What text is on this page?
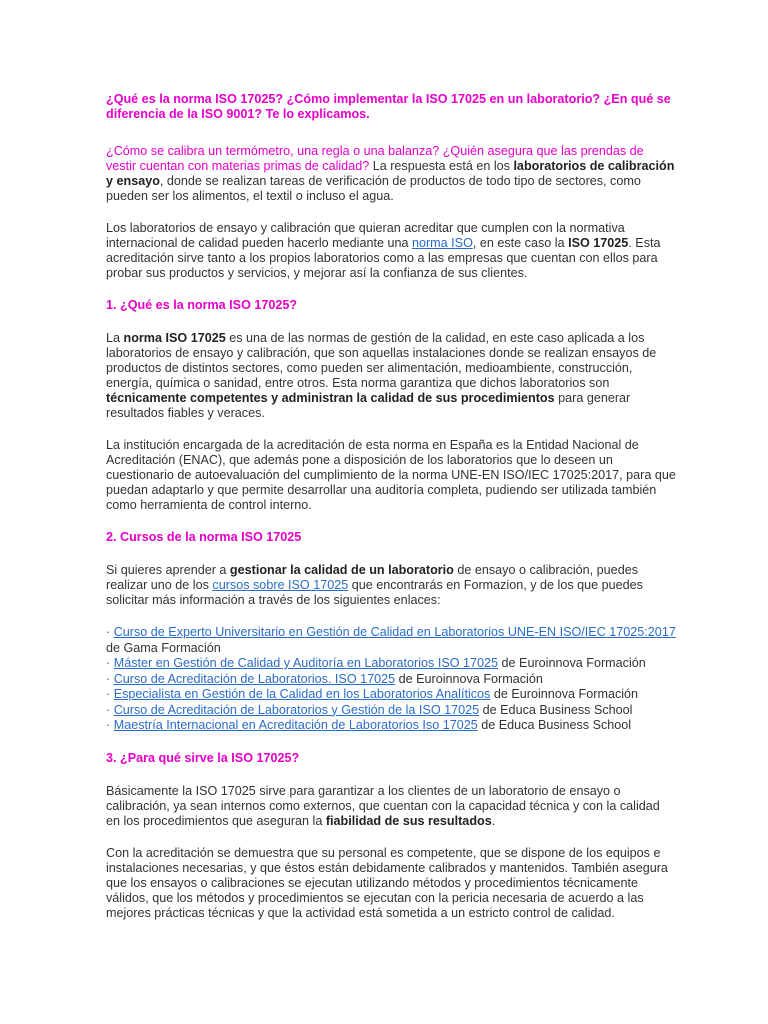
¿Qué es la norma ISO 17025? ¿Cómo implementar la ISO 17025 en un laboratorio? ¿En qué se diferencia de la ISO 9001? Te lo explicamos.

¿Cómo se calibra un termómetro, una regla o una balanza? ¿Quién asegura que las prendas de vestir cuentan con materias primas de calidad? La respuesta está en los laboratorios de calibración y ensayo, donde se realizan tareas de verificación de productos de todo tipo de sectores, como pueden ser los alimentos, el textil o incluso el agua.

Los laboratorios de ensayo y calibración que quieran acreditar que cumplen con la normativa internacional de calidad pueden hacerlo mediante una norma ISO, en este caso la ISO 17025. Esta acreditación sirve tanto a los propios laboratorios como a las empresas que cuentan con ellos para probar sus productos y servicios, y mejorar así la confianza de sus clientes.

1. ¿Qué es la norma ISO 17025?

La norma ISO 17025 es una de las normas de gestión de la calidad, en este caso aplicada a los laboratorios de ensayo y calibración, que son aquellas instalaciones donde se realizan ensayos de productos de distintos sectores, como pueden ser alimentación, medioambiente, construcción, energía, química o sanidad, entre otros. Esta norma garantiza que dichos laboratorios son técnicamente competentes y administran la calidad de sus procedimientos para generar resultados fiables y veraces.

La institución encargada de la acreditación de esta norma en España es la Entidad Nacional de Acreditación (ENAC), que además pone a disposición de los laboratorios que lo deseen un cuestionario de autoevaluación del cumplimiento de la norma UNE-EN ISO/IEC 17025:2017, para que puedan adaptarlo y que permite desarrollar una auditoría completa, pudiendo ser utilizada también como herramienta de control interno.

2. Cursos de la norma ISO 17025

Si quieres aprender a gestionar la calidad de un laboratorio de ensayo o calibración, puedes realizar uno de los cursos sobre ISO 17025 que encontrarás en Formazion, y de los que puedes solicitar más información a través de los siguientes enlaces:

· Curso de Experto Universitario en Gestión de Calidad en Laboratorios UNE-EN ISO/IEC 17025:2017 de Gama Formación
· Máster en Gestión de Calidad y Auditoría en Laboratorios ISO 17025 de Euroinnova Formación
· Curso de Acreditación de Laboratorios. ISO 17025 de Euroinnova Formación
· Especialista en Gestión de la Calidad en los Laboratorios Analíticos de Euroinnova Formación
· Curso de Acreditación de Laboratorios y Gestión de la ISO 17025 de Educa Business School
· Maestría Internacional en Acreditación de Laboratorios Iso 17025 de Educa Business School
3. ¿Para qué sirve la ISO 17025?

Básicamente la ISO 17025 sirve para garantizar a los clientes de un laboratorio de ensayo o calibración, ya sean internos como externos, que cuentan con la capacidad técnica y con la calidad en los procedimientos que aseguran la fiabilidad de sus resultados.

Con la acreditación se demuestra que su personal es competente, que se dispone de los equipos e instalaciones necesarias, y que éstos están debidamente calibrados y mantenidos. También asegura que los ensayos o calibraciones se ejecutan utilizando métodos y procedimientos técnicamente válidos, que los métodos y procedimientos se ejecutan con la pericia necesaria de acuerdo a las mejores prácticas técnicas y que la actividad está sometida a un estricto control de calidad.
